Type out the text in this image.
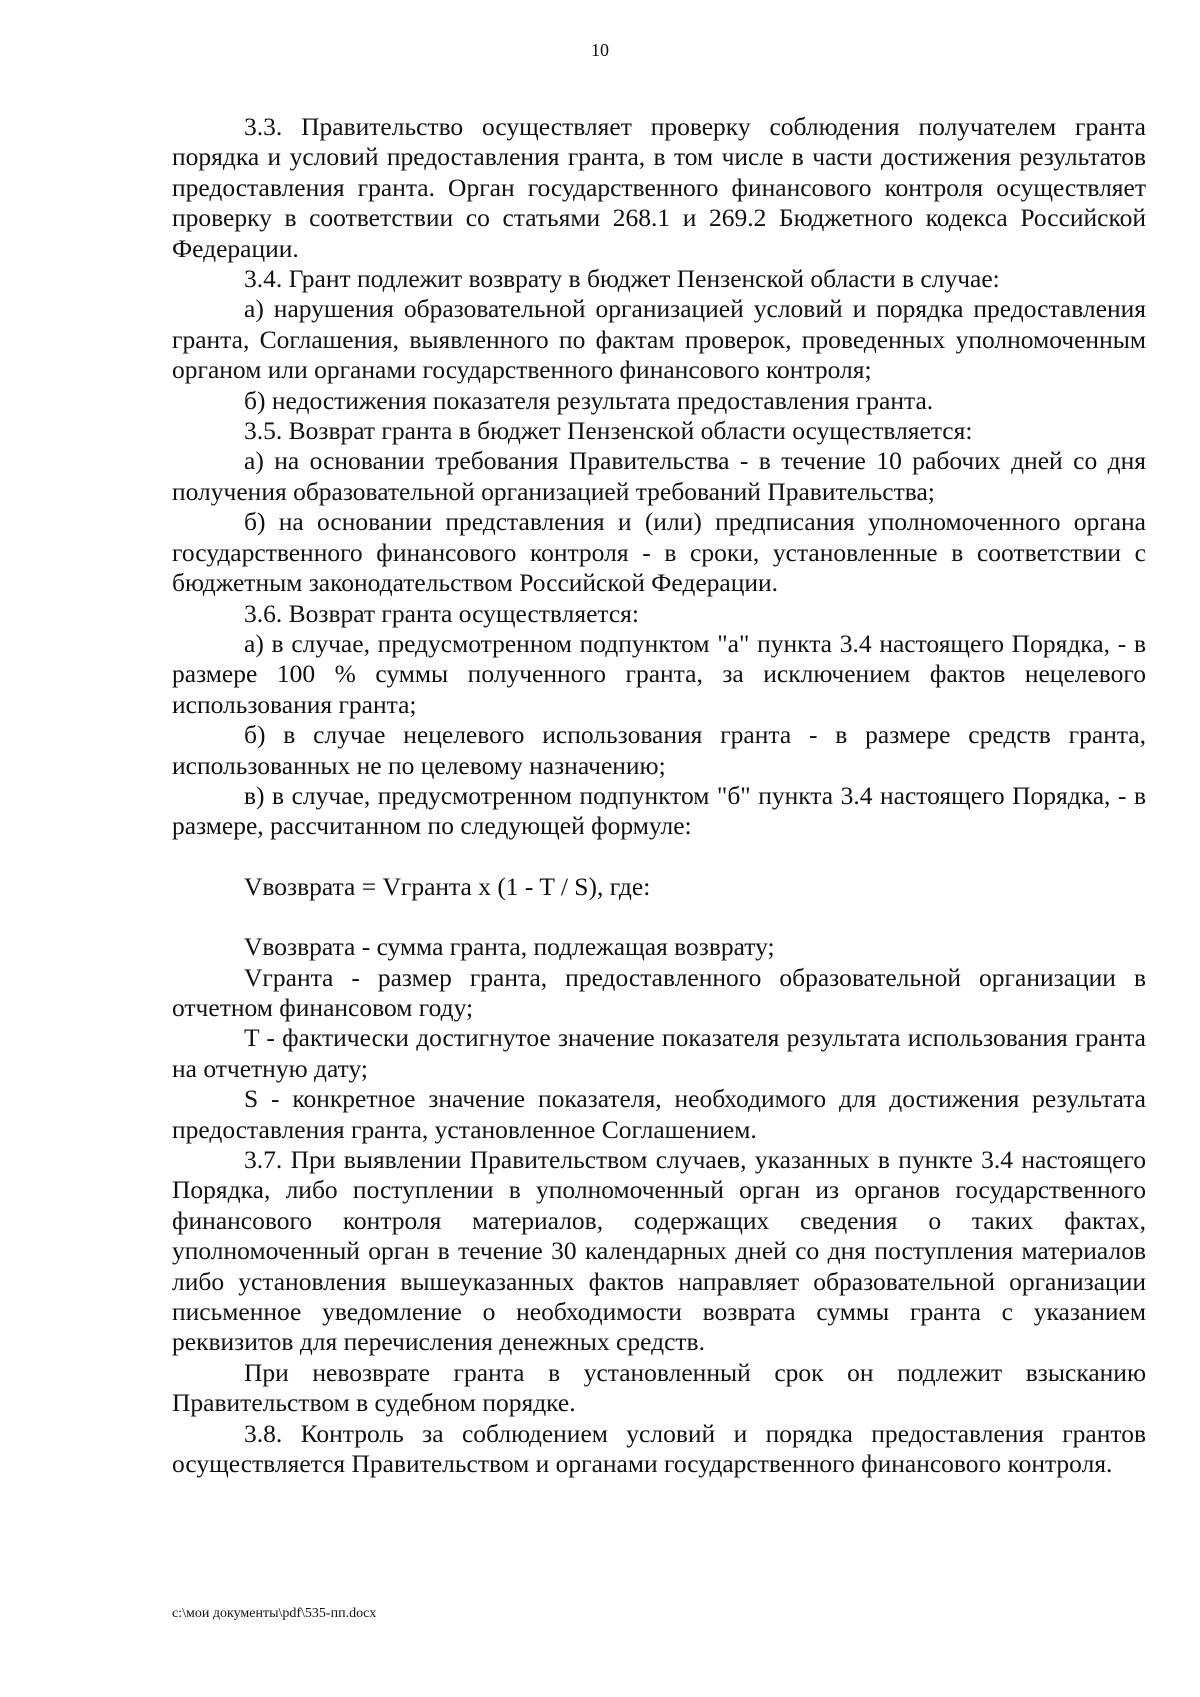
10

3.3. Правительство осуществляет проверку соблюдения получателем гранта порядка и условий предоставления гранта, в том числе в части достижения результатов предоставления гранта. Орган государственного финансового контроля осуществляет проверку в соответствии со статьями 268.1 и 269.2 Бюджетного кодекса Российской Федерации.

3.4. Грант подлежит возврату в бюджет Пензенской области в случае:

а) нарушения образовательной организацией условий и порядка предоставления гранта, Соглашения, выявленного по фактам проверок, проведенных уполномоченным органом или органами государственного финансового контроля;

б) недостижения показателя результата предоставления гранта.

3.5. Возврат гранта в бюджет Пензенской области осуществляется:

а) на основании требования Правительства - в течение 10 рабочих дней со дня получения образовательной организацией требований Правительства;

б) на основании представления и (или) предписания уполномоченного органа государственного финансового контроля - в сроки, установленные в соответствии с бюджетным законодательством Российской Федерации.

3.6. Возврат гранта осуществляется:

а) в случае, предусмотренном подпунктом "а" пункта 3.4 настоящего Порядка, - в размере 100 % суммы полученного гранта, за исключением фактов нецелевого использования гранта;

б) в случае нецелевого использования гранта - в размере средств гранта, использованных не по целевому назначению;

в) в случае, предусмотренном подпунктом "б" пункта 3.4 настоящего Порядка, - в размере, рассчитанном по следующей формуле:

Vвозврата = Vгранта x (1 - T / S), где:

Vвозврата - сумма гранта, подлежащая возврату;

Vгранта - размер гранта, предоставленного образовательной организации в отчетном финансовом году;

T - фактически достигнутое значение показателя результата использования гранта на отчетную дату;

S - конкретное значение показателя, необходимого для достижения результата предоставления гранта, установленное Соглашением.

3.7. При выявлении Правительством случаев, указанных в пункте 3.4 настоящего Порядка, либо поступлении в уполномоченный орган из органов государственного финансового контроля материалов, содержащих сведения о таких фактах, уполномоченный орган в течение 30 календарных дней со дня поступления материалов либо установления вышеуказанных фактов направляет образовательной организации письменное уведомление о необходимости возврата суммы гранта с указанием реквизитов для перечисления денежных средств.

При невозврате гранта в установленный срок он подлежит взысканию Правительством в судебном порядке.

3.8. Контроль за соблюдением условий и порядка предоставления грантов осуществляется Правительством и органами государственного финансового контроля.

c:\мои документы\pdf\535-пп.docx
